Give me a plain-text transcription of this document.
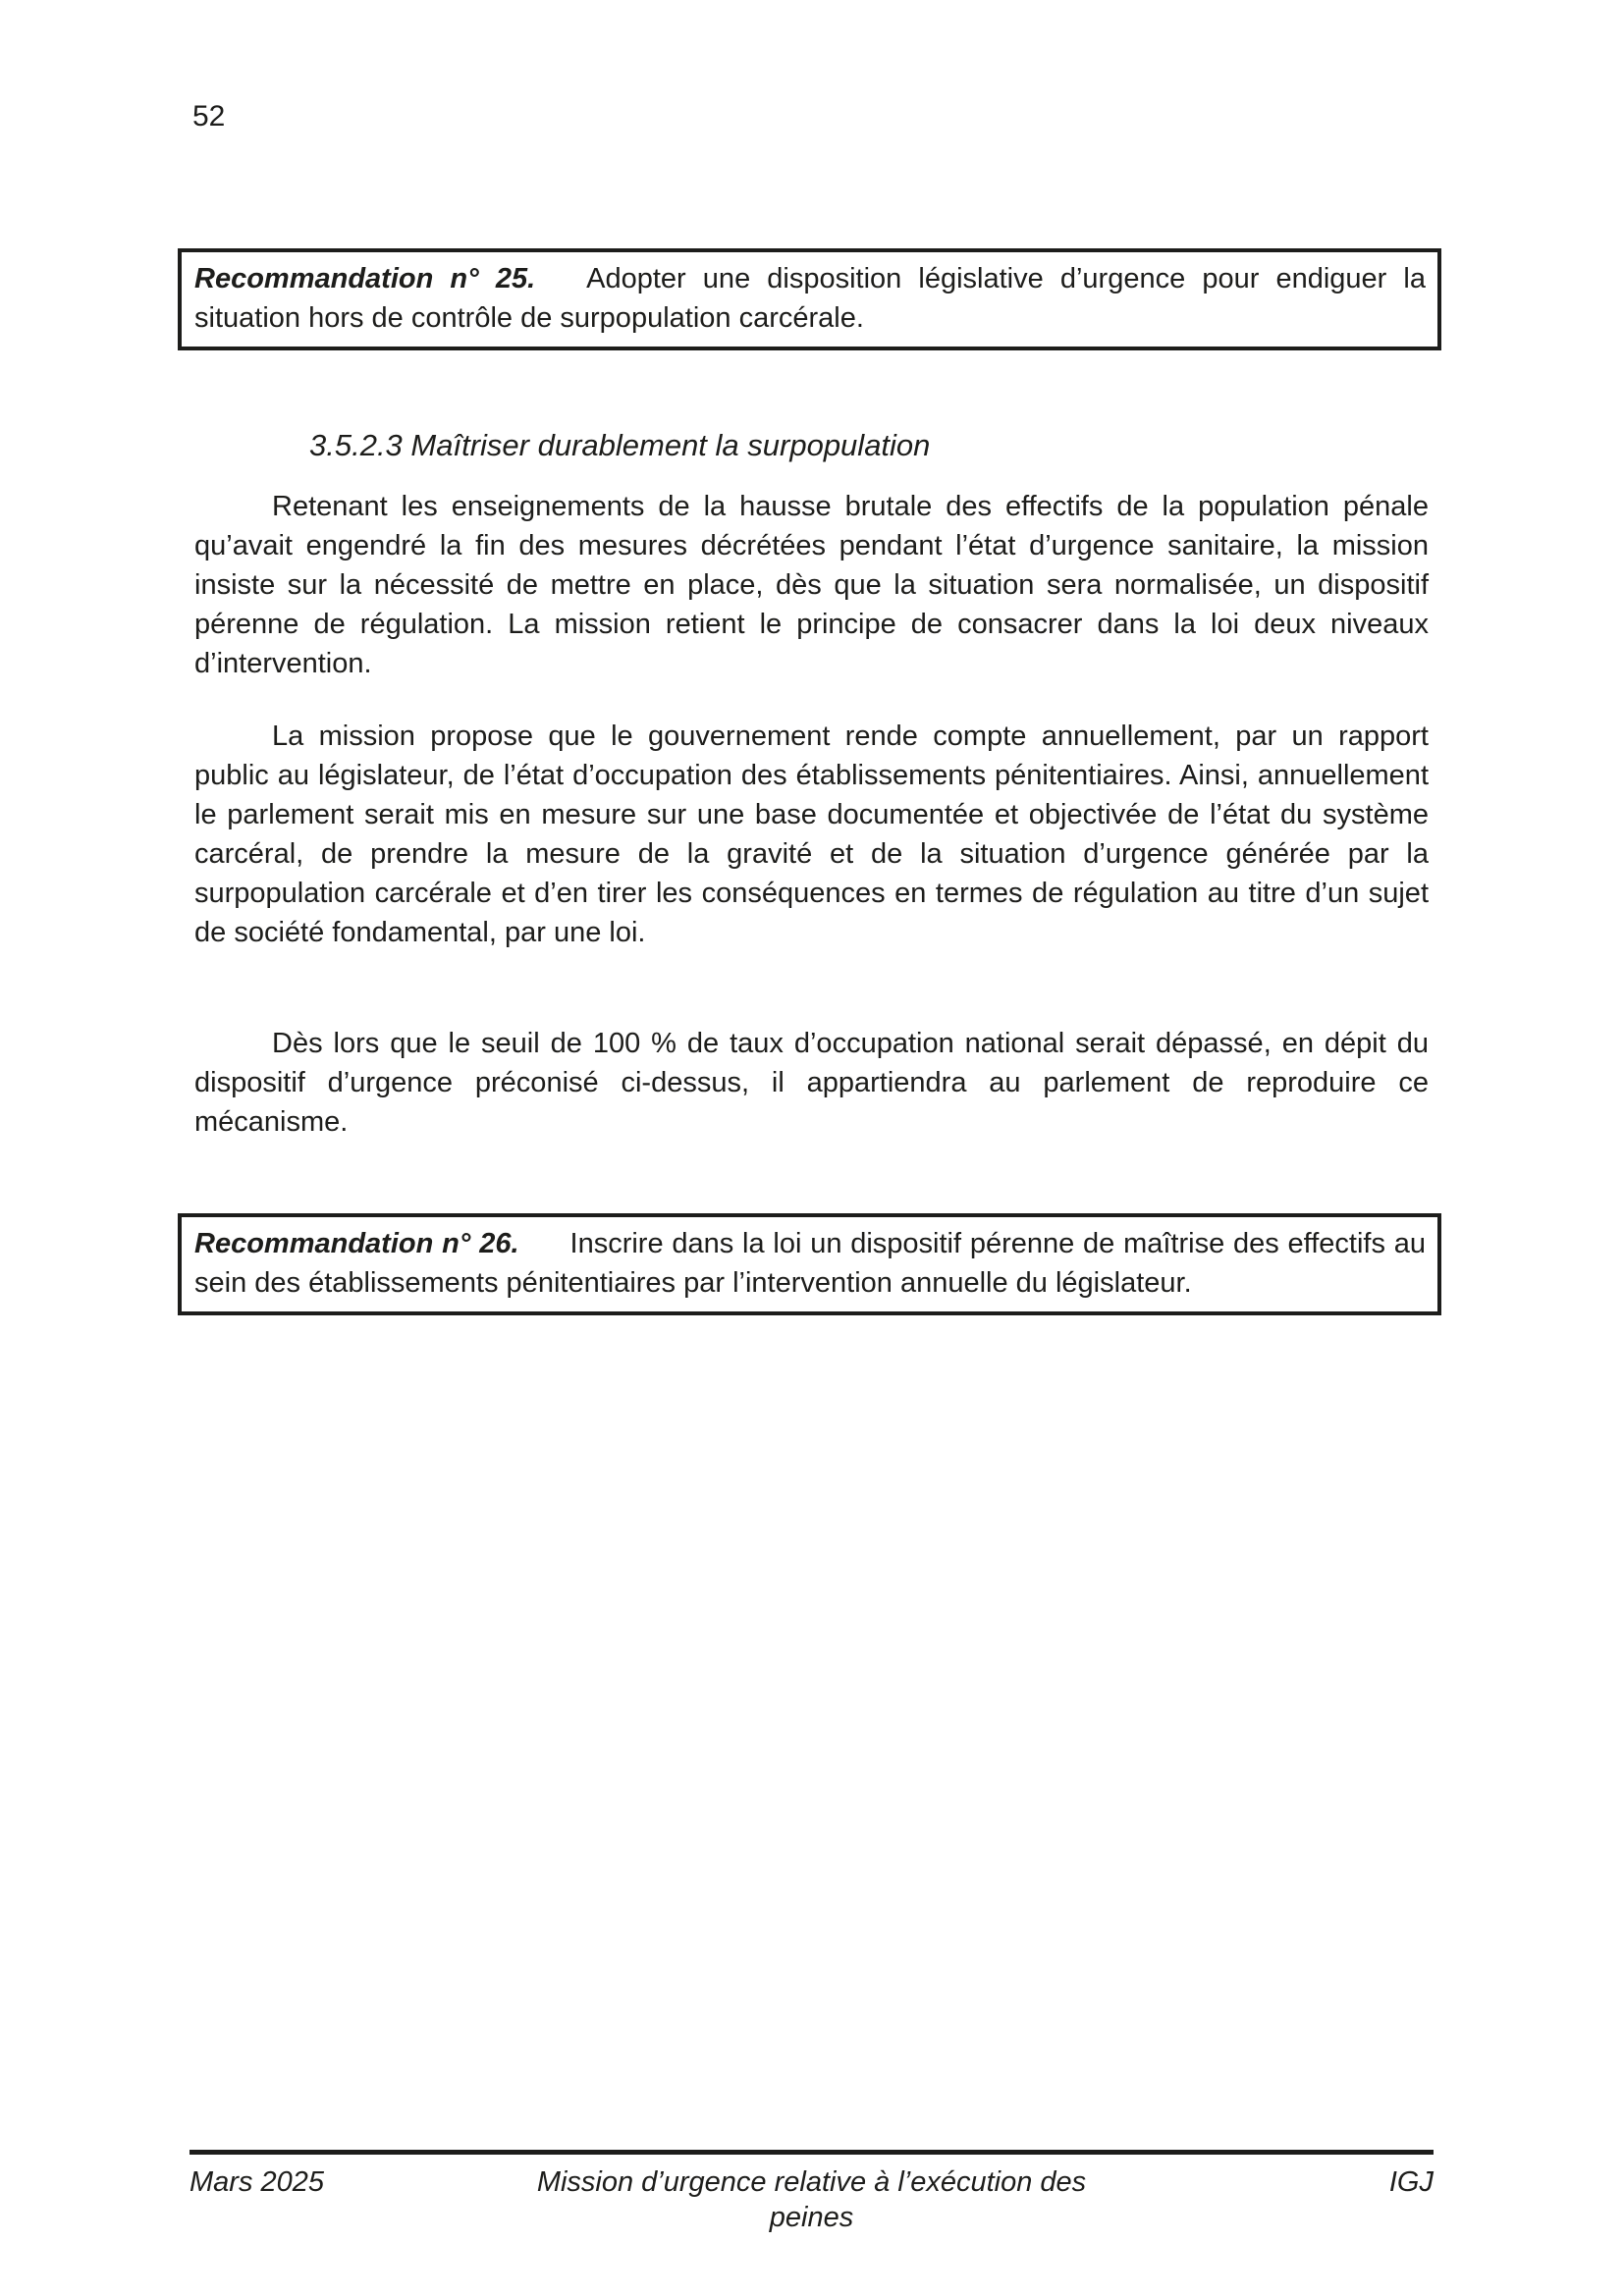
52

Recommandation n° 25. Adopter une disposition législative d’urgence pour endiguer la situation hors de contrôle de surpopulation carcérale.

3.5.2.3 Maîtriser durablement la surpopulation

Retenant les enseignements de la hausse brutale des effectifs de la population pénale qu’avait engendré la fin des mesures décrétées pendant l’état d’urgence sanitaire, la mission insiste sur la nécessité de mettre en place, dès que la situation sera normalisée, un dispositif pérenne de régulation. La mission retient le principe de consacrer dans la loi deux niveaux d’intervention.

La mission propose que le gouvernement rende compte annuellement, par un rapport public au législateur, de l’état d’occupation des établissements pénitentiaires. Ainsi, annuellement le parlement serait mis en mesure sur une base documentée et objectivée de l’état du système carcéral, de prendre la mesure de la gravité et de la situation d’urgence générée par la surpopulation carcérale et d’en tirer les conséquences en termes de régulation au titre d’un sujet de société fondamental, par une loi.

Dès lors que le seuil de 100 % de taux d’occupation national serait dépassé, en dépit du dispositif d’urgence préconisé ci-dessus, il appartiendra au parlement de reproduire ce mécanisme.

Recommandation n° 26. Inscrire dans la loi un dispositif pérenne de maîtrise des effectifs au sein des établissements pénitentiaires par l’intervention annuelle du législateur.

Mars 2025	Mission d’urgence relative à l’exécution des peines
IGJ
